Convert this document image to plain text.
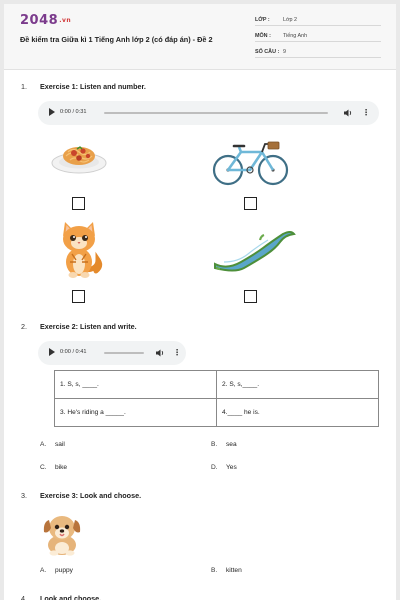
2048.vn
Đề kiểm tra Giữa kì 1 Tiếng Anh lớp 2 (có đáp án) - Đề 2
LỚP : Lớp 2
MÔN : Tiếng Anh
SỐ CÂU : 9
1. Exercise 1: Listen and number.
0:00 / 0:31	⋮
2. Exercise 2: Listen and write.
0:00 / 0:41	⋮
1. S, s, ____.	2. S, s,____.
3. He's riding a _____.	4.____ he is.
A. sail	B. sea
C. bike	D. Yes
3. Exercise 3: Look and choose.
A. puppy	B. kitten
4. Look and choose.
